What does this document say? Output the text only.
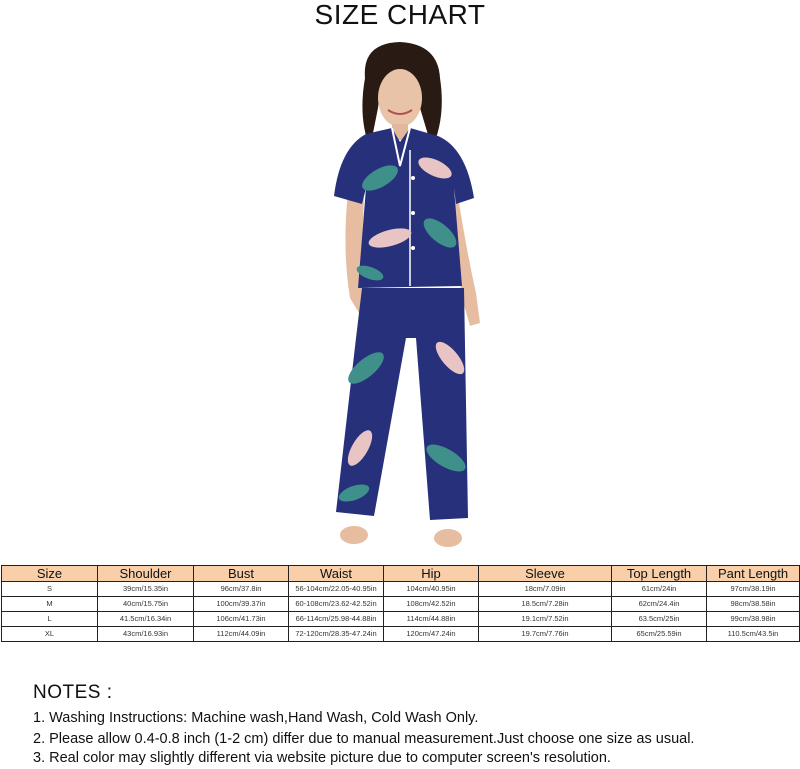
SIZE CHART
Size	Shoulder	Bust	Waist	Hip	Sleeve	Top Length	Pant Length
S	39cm/15.35in	96cm/37.8in	56-104cm/22.05-40.95in	104cm/40.95in	18cm/7.09in	61cm/24in	97cm/38.19in
M	40cm/15.75in	100cm/39.37in	60-108cm/23.62-42.52in	108cm/42.52in	18.5cm/7.28in	62cm/24.4in	98cm/38.58in
L	41.5cm/16.34in	106cm/41.73in	66-114cm/25.98-44.88in	114cm/44.88in	19.1cm/7.52in	63.5cm/25in	99cm/38.98in
XL	43cm/16.93in	112cm/44.09in	72-120cm/28.35-47.24in	120cm/47.24in	19.7cm/7.76in	65cm/25.59in	110.5cm/43.5in
NOTES :
1. Washing Instructions: Machine wash,Hand Wash, Cold Wash Only.
2. Please allow 0.4-0.8 inch (1-2 cm) differ due to manual measurement.Just choose one size as usual.
3. Real color may slightly different via website picture due to computer screen's resolution.
